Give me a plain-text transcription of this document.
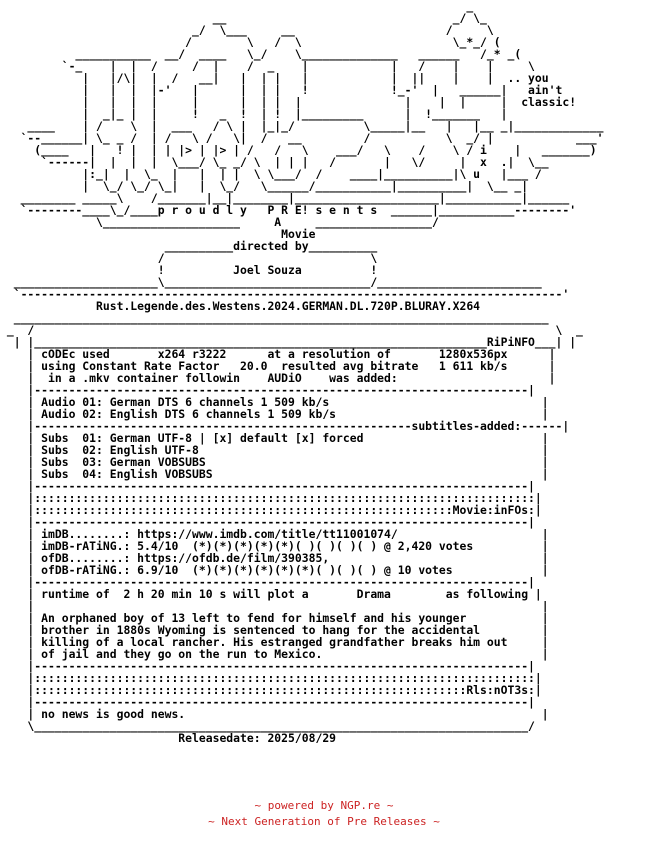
_
__                                 _/ \_
_/  \___     __                      /     \
/        \   /  \                      \_*_/ (
___________  __/  ____   \_/    \______________   ______   /_* _(
`-_    |  |  /     /  |    /  _    |            |   /    |    |     \
|   |/\|  |  /   __|   |  | |   |            |  ||    |    |  .. you
|   |  |  |-'   |      |  | |   !            !_-'  |   ______|   ain't
|   |  |  |     |      |  | |  |               |    |  |     |  classic!
|  _|_ |  |     !   _  !  | !  |_________      |  !_______   |
____    | /    \  |  ___   / \ |  |_|_/          \_____|__   |   |__ _|_____________
`--______| \_ _ /  | /   \ /   \|  /   __         /           \  _/ |            ___'
(____   |   ! |  | | |> | |> | /   /   \    ___/   \    /    \ / i    |   _______)
`------|  |  |  |  \___/ \_ _/ \  | | |   /       |   \/     |  x  .|  \__
|:_|  |  \_  |   |  | |  \ \___/  /    ____|__________|\ u   |___ /
|  \_/ \_/ \_|   |  \_/   \______/___________|__________|  \__ _|
________ _____\    /_______|__|________|_____________________|___________|______
`--------____\_/____p r o u d l y   P R E! s e n t s  ______|___________--------'
\____________________     A     _________________/
Movie
__________directed by__________
/                              \
!          Joel Souza          !
_____________________\______________________________/________________________
`-------------------------------------------------------------------------------'
Rust.Legende.des.Westens.2024.GERMAN.DL.720P.BLURAY.X264
______________________________________________________________________________
_  /                                                                            \  _
| |__________________________________________________________________RiPiNFO___| |
| cODEc used       x264 r3222      at a resolution of       1280x536px      |
| using Constant Rate Factor   20.0  resulted avg bitrate   1 611 kb/s      |
|  in a .mkv container followin    AUDiO    was added:                      |
|------------------------------------------------------------------------|
| Audio 01: German DTS 6 channels 1 509 kb/s                               |
| Audio 02: English DTS 6 channels 1 509 kb/s                              |
|-------------------------------------------------------subtitles-added:------|
| Subs  01: German UTF-8 | [x] default [x] forced                          |
| Subs  02: English UTF-8                                                  |
| Subs  03: German VOBSUBS                                                 |
| Subs  04: English VOBSUBS                                                |
|------------------------------------------------------------------------|
|:::::::::::::::::::::::::::::::::::::::::::::::::::::::::::::::::::::::::|
|:::::::::::::::::::::::::::::::::::::::::::::::::::::::::::::Movie:inFOs:|
|------------------------------------------------------------------------|
| imDB........: https://www.imdb.com/title/tt11001074/                     |
| imDB-rATiNG.: 5.4/10  (*)(*)(*)(*)(*)( )( )( )( ) @ 2,420 votes          |
| ofDB........: https://ofdb.de/film/390385,                               |
| ofDB-rATiNG.: 6.9/10  (*)(*)(*)(*)(*)(*)( )( )( ) @ 10 votes             |
|------------------------------------------------------------------------|
| runtime of  2 h 20 min 10 s will plot a       Drama        as following |
|                                                                          |
| An orphaned boy of 13 left to fend for himself and his younger           |
| brother in 1880s Wyoming is sentenced to hang for the accidental         |
| killing of a local rancher. His estranged grandfather breaks him out     |
| of jail and they go on the run to Mexico.                                |
|------------------------------------------------------------------------|
|:::::::::::::::::::::::::::::::::::::::::::::::::::::::::::::::::::::::::|
|:::::::::::::::::::::::::::::::::::::::::::::::::::::::::::::::Rls:nOT3s:|
|------------------------------------------------------------------------|
| no news is good news.                                                    |
\________________________________________________________________________/
Releasedate: 2025/08/29
~ powered by NGP.re ~
~ Next Generation of Pre Releases ~
